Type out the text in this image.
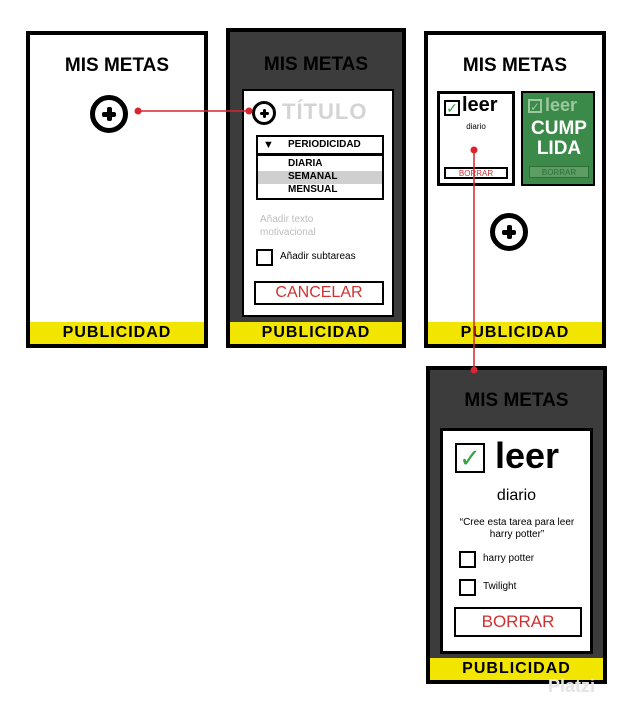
MIS METAS
PUBLICIDAD
MIS METAS
TÍTULO
▼ PERIODICIDAD
DIARIA
SEMANAL
MENSUAL
Añadir texto motivacional
Añadir subtareas
CANCELAR
PUBLICIDAD
MIS METAS
✓ leer
diario
BORRAR
✓ leer
CUMP LIDA
BORRAR
PUBLICIDAD
MIS METAS
✓ leer
diario
“Cree esta tarea para leer harry potter”
harry potter
Twilight
BORRAR
PUBLICIDAD
Platzi
